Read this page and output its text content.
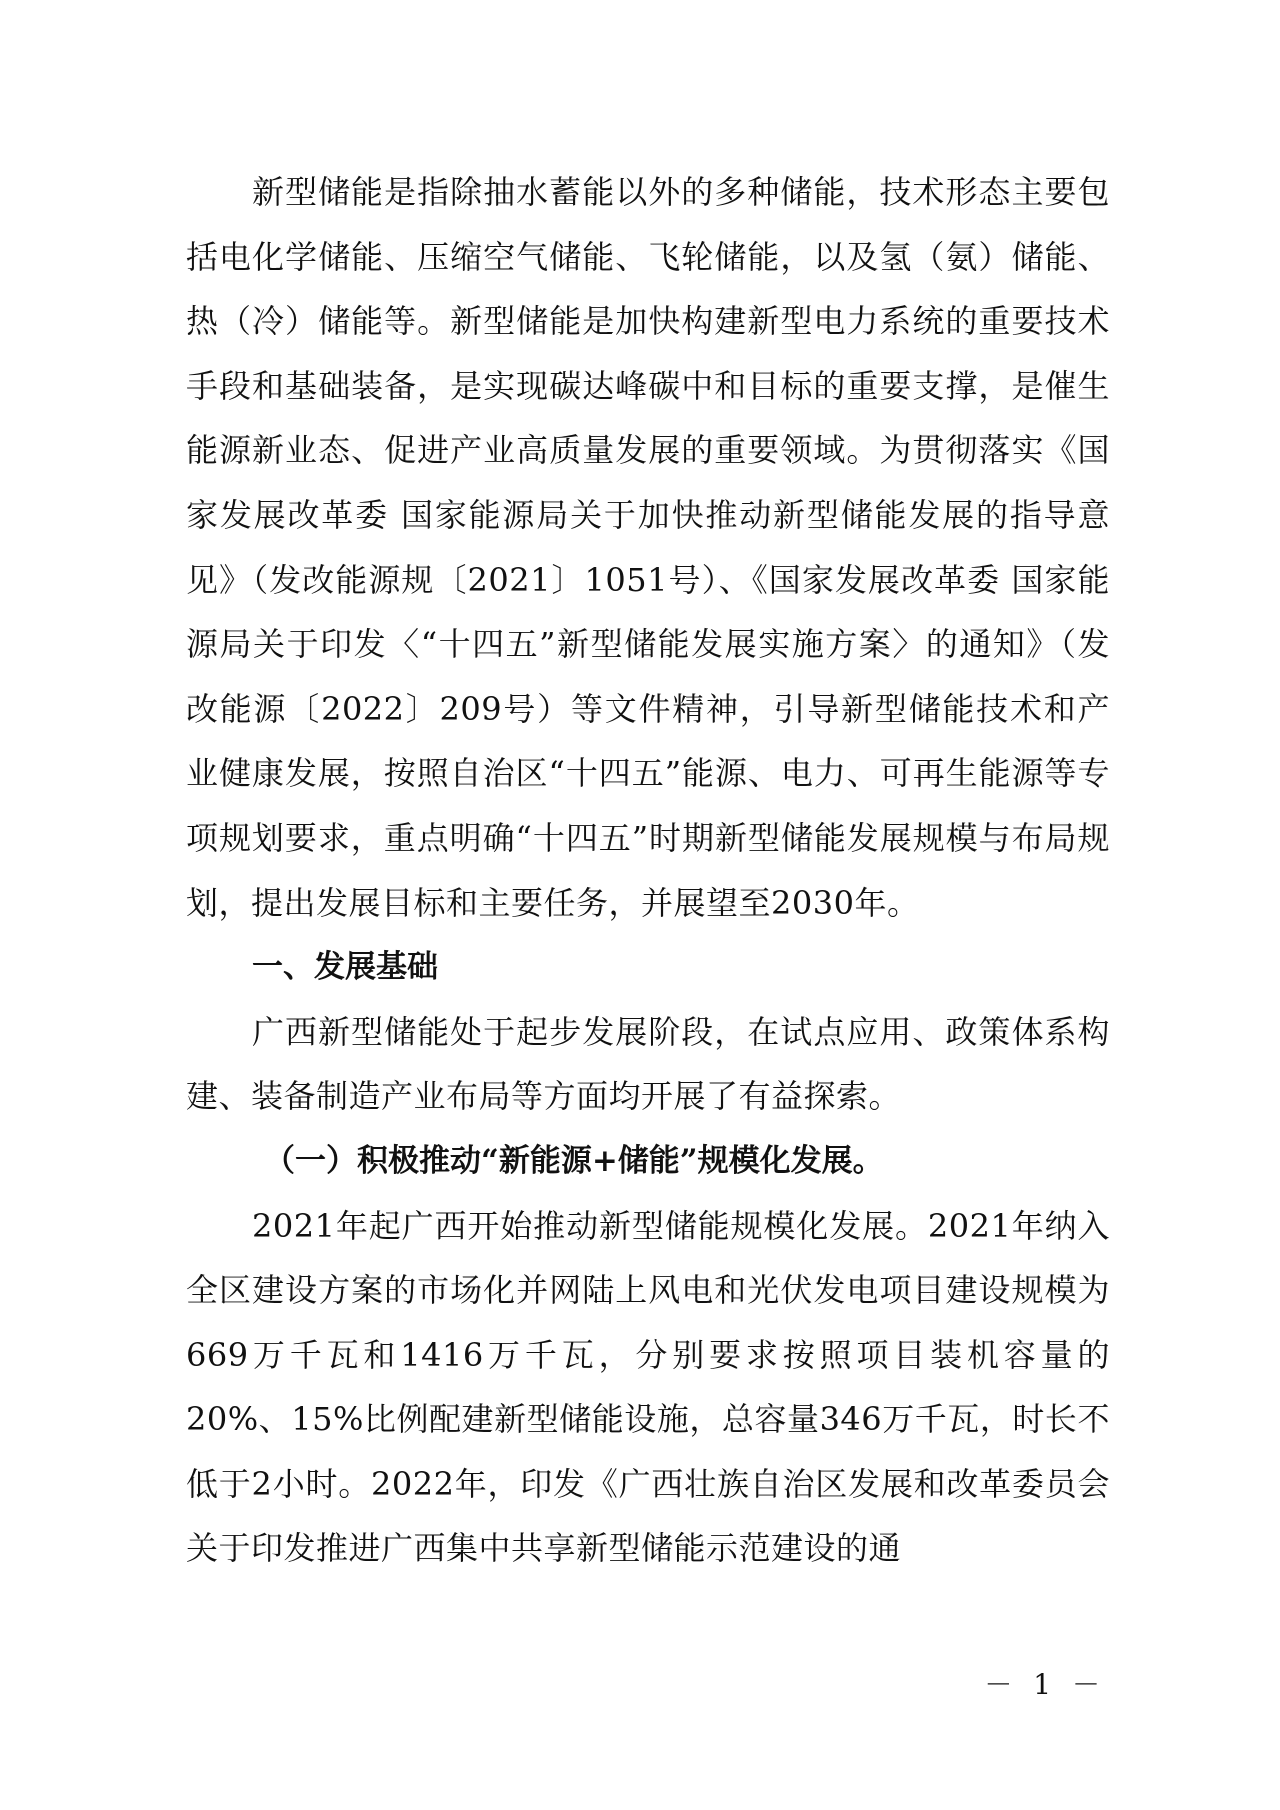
新型储能是指除抽水蓄能以外的多种储能，技术形态主要包括电化学储能、压缩空气储能、飞轮储能，以及氢（氨）储能、热（冷）储能等。新型储能是加快构建新型电力系统的重要技术手段和基础装备，是实现碳达峰碳中和目标的重要支撑，是催生能源新业态、促进产业高质量发展的重要领域。为贯彻落实《国家发展改革委 国家能源局关于加快推动新型储能发展的指导意见》（发改能源规〔2021〕1051号）、《国家发展改革委 国家能源局关于印发〈“十四五”新型储能发展实施方案〉的通知》（发改能源〔2022〕209号）等文件精神，引导新型储能技术和产业健康发展，按照自治区“十四五”能源、电力、可再生能源等专项规划要求，重点明确“十四五”时期新型储能发展规模与布局规划，提出发展目标和主要任务，并展望至2030年。

一、发展基础

广西新型储能处于起步发展阶段，在试点应用、政策体系构建、装备制造产业布局等方面均开展了有益探索。

（一）积极推动“新能源+储能”规模化发展。

2021年起广西开始推动新型储能规模化发展。2021年纳入全区建设方案的市场化并网陆上风电和光伏发电项目建设规模为669万千瓦和1416万千瓦，分别要求按照项目装机容量的20%、15%比例配建新型储能设施，总容量346万千瓦，时长不低于2小时。2022年，印发《广西壮族自治区发展和改革委员会关于印发推进广西集中共享新型储能示范建设的通

－ 1 －
